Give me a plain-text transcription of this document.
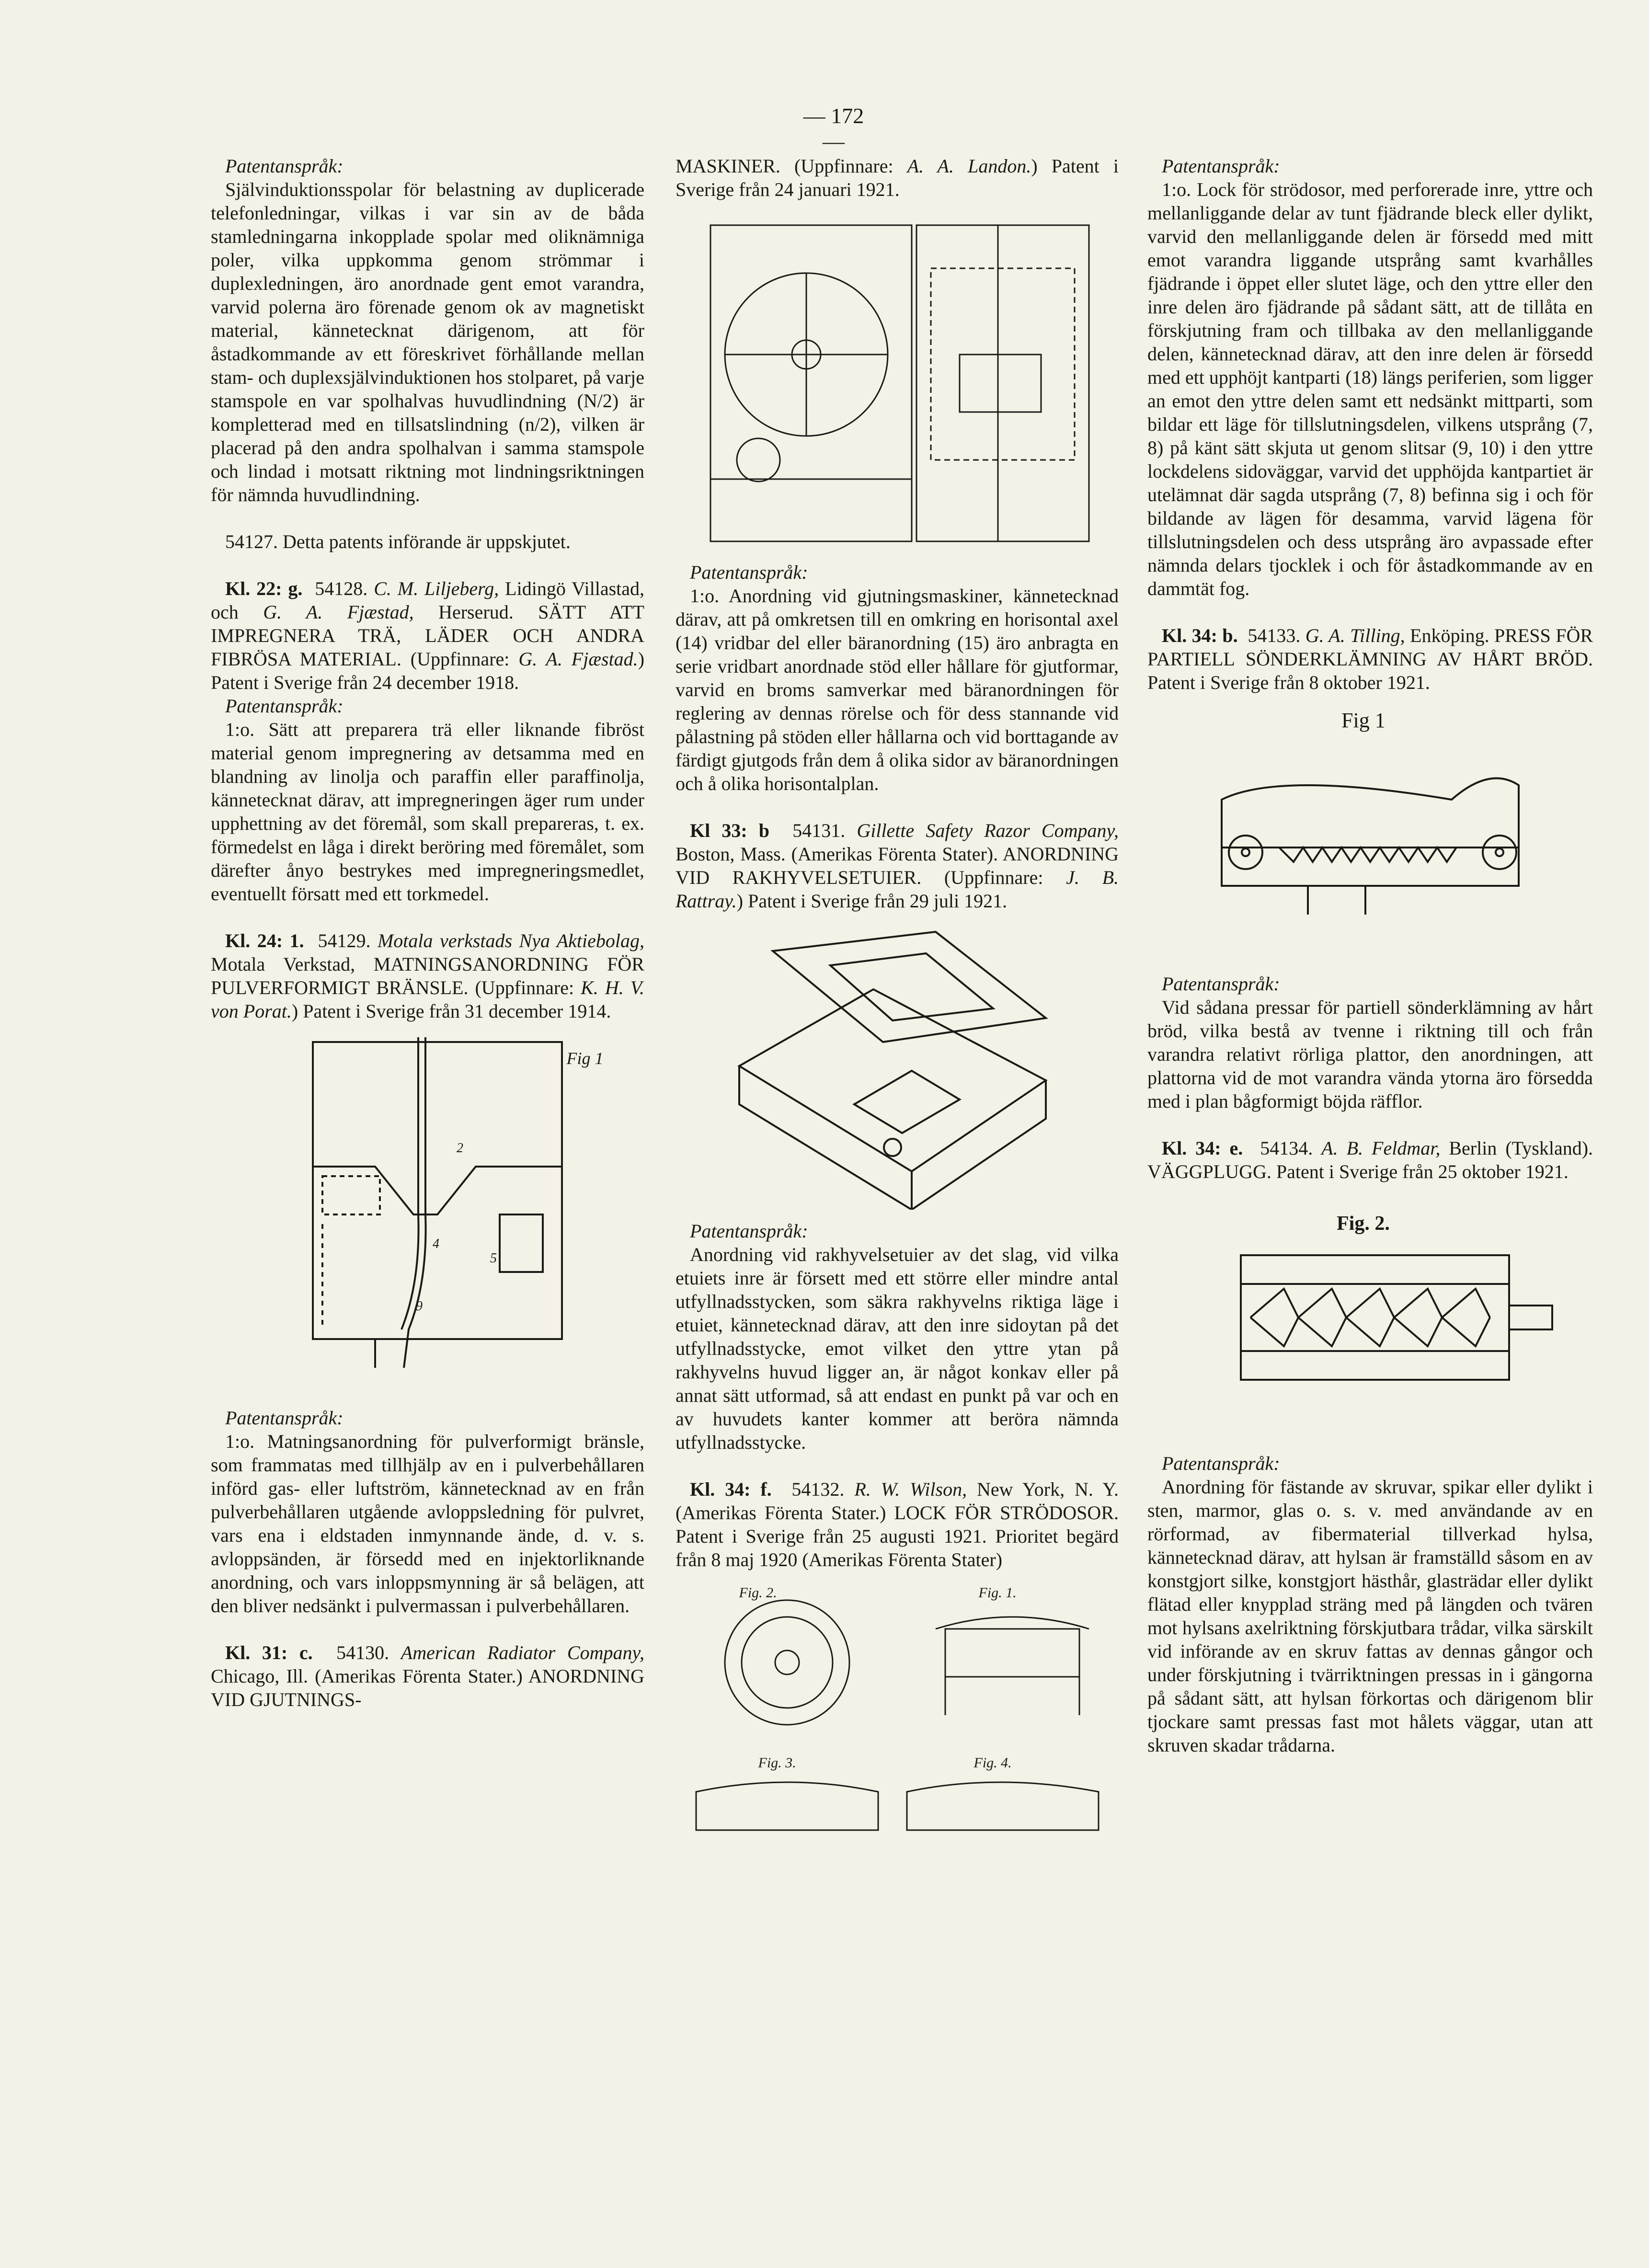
— 172 —

Patentanspråk:

Självinduktionsspolar för belastning av duplicerade telefonledningar, vilkas i var sin av de båda stamledningarna inkopplade spolar med oliknämniga poler, vilka uppkomma genom strömmar i duplexledningen, äro anordnade gent emot varandra, varvid polerna äro förenade genom ok av magnetiskt material, kännetecknat därigenom, att för åstadkommande av ett föreskrivet förhållande mellan stam- och duplexsjälvinduktionen hos stolparet, på varje stamspole en var spolhalvas huvudlindning (N/2) är kompletterad med en tillsatslindning (n/2), vilken är placerad på den andra spolhalvan i samma stamspole och lindad i motsatt riktning mot lindningsriktningen för nämnda huvudlindning.

54127. Detta patents införande är uppskjutet.

Kl. 22: g. 54128. C. M. Liljeberg, Lidingö Villastad, och G. A. Fjæstad, Herserud. SÄTT ATT IMPREGNERA TRÄ, LÄDER OCH ANDRA FIBRÖSA MATERIAL. (Uppfinnare: G. A. Fjæstad.) Patent i Sverige från 24 december 1918.

Patentanspråk:

1:o. Sätt att preparera trä eller liknande fibröst material genom impregnering av detsamma med en blandning av linolja och paraffin eller paraffinolja, kännetecknat därav, att impregneringen äger rum under upphettning av det föremål, som skall prepareras, t. ex. förmedelst en låga i direkt beröring med föremålet, som därefter ånyo bestrykes med impregneringsmedlet, eventuellt försatt med ett torkmedel.

Kl. 24: 1. 54129. Motala verkstads Nya Aktiebolag, Motala Verkstad, MATNINGSANORDNING FÖR PULVERFORMIGT BRÄNSLE. (Uppfinnare: K. H. V. von Porat.) Patent i Sverige från 31 december 1914.

4
2
5
9
Fig 1

Patentanspråk:

1:o. Matningsanordning för pulverformigt bränsle, som frammatas med tillhjälp av en i pulverbehållaren införd gas- eller luftström, kännetecknad av en från pulverbehållaren utgående avloppsledning för pulvret, vars ena i eldstaden inmynnande ände, d. v. s. avloppsänden, är försedd med en injektorliknande anordning, och vars inloppsmynning är så belägen, att den bliver nedsänkt i pulvermassan i pulverbehållaren.

Kl. 31: c. 54130. American Radiator Company, Chicago, Ill. (Amerikas Förenta Stater.) ANORDNING VID GJUTNINGS-

MASKINER. (Uppfinnare: A. A. Landon.) Patent i Sverige från 24 januari 1921.

Patentanspråk:

1:o. Anordning vid gjutningsmaskiner, kännetecknad därav, att på omkretsen till en omkring en horisontal axel (14) vridbar del eller bäranordning (15) äro anbragta en serie vridbart anordnade stöd eller hållare för gjutformar, varvid en broms samverkar med bäranordningen för reglering av dennas rörelse och för dess stannande vid pålastning på stöden eller hållarna och vid borttagande av färdigt gjutgods från dem å olika sidor av bäranordningen och å olika horisontalplan.

Kl 33: b 54131. Gillette Safety Razor Company, Boston, Mass. (Amerikas Förenta Stater). ANORDNING VID RAKHYVELSETUIER. (Uppfinnare: J. B. Rattray.) Patent i Sverige från 29 juli 1921.

Patentanspråk:

Anordning vid rakhyvelsetuier av det slag, vid vilka etuiets inre är försett med ett större eller mindre antal utfyllnadsstycken, som säkra rakhyvelns riktiga läge i etuiet, kännetecknad därav, att den inre sidoytan på det utfyllnadsstycke, emot vilket den yttre ytan på rakhyvelns huvud ligger an, är något konkav eller på annat sätt utformad, så att endast en punkt på var och en av huvudets kanter kommer att beröra nämnda utfyllnadsstycke.

Kl. 34: f. 54132. R. W. Wilson, New York, N. Y. (Amerikas Förenta Stater.) LOCK FÖR STRÖDOSOR. Patent i Sverige från 25 augusti 1921. Prioritet begärd från 8 maj 1920 (Amerikas Förenta Stater)

Fig. 2.	Fig. 1.
Fig. 3.	Fig. 4.

Patentanspråk:

1:o. Lock för strödosor, med perforerade inre, yttre och mellanliggande delar av tunt fjädrande bleck eller dylikt, varvid den mellanliggande delen är försedd med mitt emot varandra liggande utsprång samt kvarhålles fjädrande i öppet eller slutet läge, och den yttre eller den inre delen äro fjädrande på sådant sätt, att de tillåta en förskjutning fram och tillbaka av den mellanliggande delen, kännetecknad därav, att den inre delen är försedd med ett upphöjt kantparti (18) längs periferien, som ligger an emot den yttre delen samt ett nedsänkt mittparti, som bildar ett läge för tillslutningsdelen, vilkens utsprång (7, 8) på känt sätt skjuta ut genom slitsar (9, 10) i den yttre lockdelens sidoväggar, varvid det upphöjda kantpartiet är utelämnat där sagda utsprång (7, 8) befinna sig i och för bildande av lägen för desamma, varvid lägena för tillslutningsdelen och dess utsprång äro avpassade efter nämnda delars tjocklek i och för åstadkommande av en dammtät fog.

Kl. 34: b. 54133. G. A. Tilling, Enköping. PRESS FÖR PARTIELL SÖNDERKLÄMNING AV HÅRT BRÖD. Patent i Sverige från 8 oktober 1921.

Fig 1

Patentanspråk:

Vid sådana pressar för partiell sönderklämning av hårt bröd, vilka bestå av tvenne i riktning till och från varandra relativt rörliga plattor, den anordningen, att plattorna vid de mot varandra vända ytorna äro försedda med i plan bågformigt böjda räfflor.

Kl. 34: e. 54134. A. B. Feldmar, Berlin (Tyskland). VÄGGPLUGG. Patent i Sverige från 25 oktober 1921.

Fig. 2.

Patentanspråk:

Anordning för fästande av skruvar, spikar eller dylikt i sten, marmor, glas o. s. v. med användande av en rörformad, av fibermaterial tillverkad hylsa, kännetecknad därav, att hylsan är framställd såsom en av konstgjort silke, konstgjort hästhår, glasträdar eller dylikt flätad eller knypplad sträng med på längden och tvären mot hylsans axelriktning förskjutbara trådar, vilka särskilt vid införande av en skruv fattas av dennas gångor och under förskjutning i tvärriktningen pressas in i gängorna på sådant sätt, att hylsan förkortas och därigenom blir tjockare samt pressas fast mot hålets väggar, utan att skruven skadar trådarna.
